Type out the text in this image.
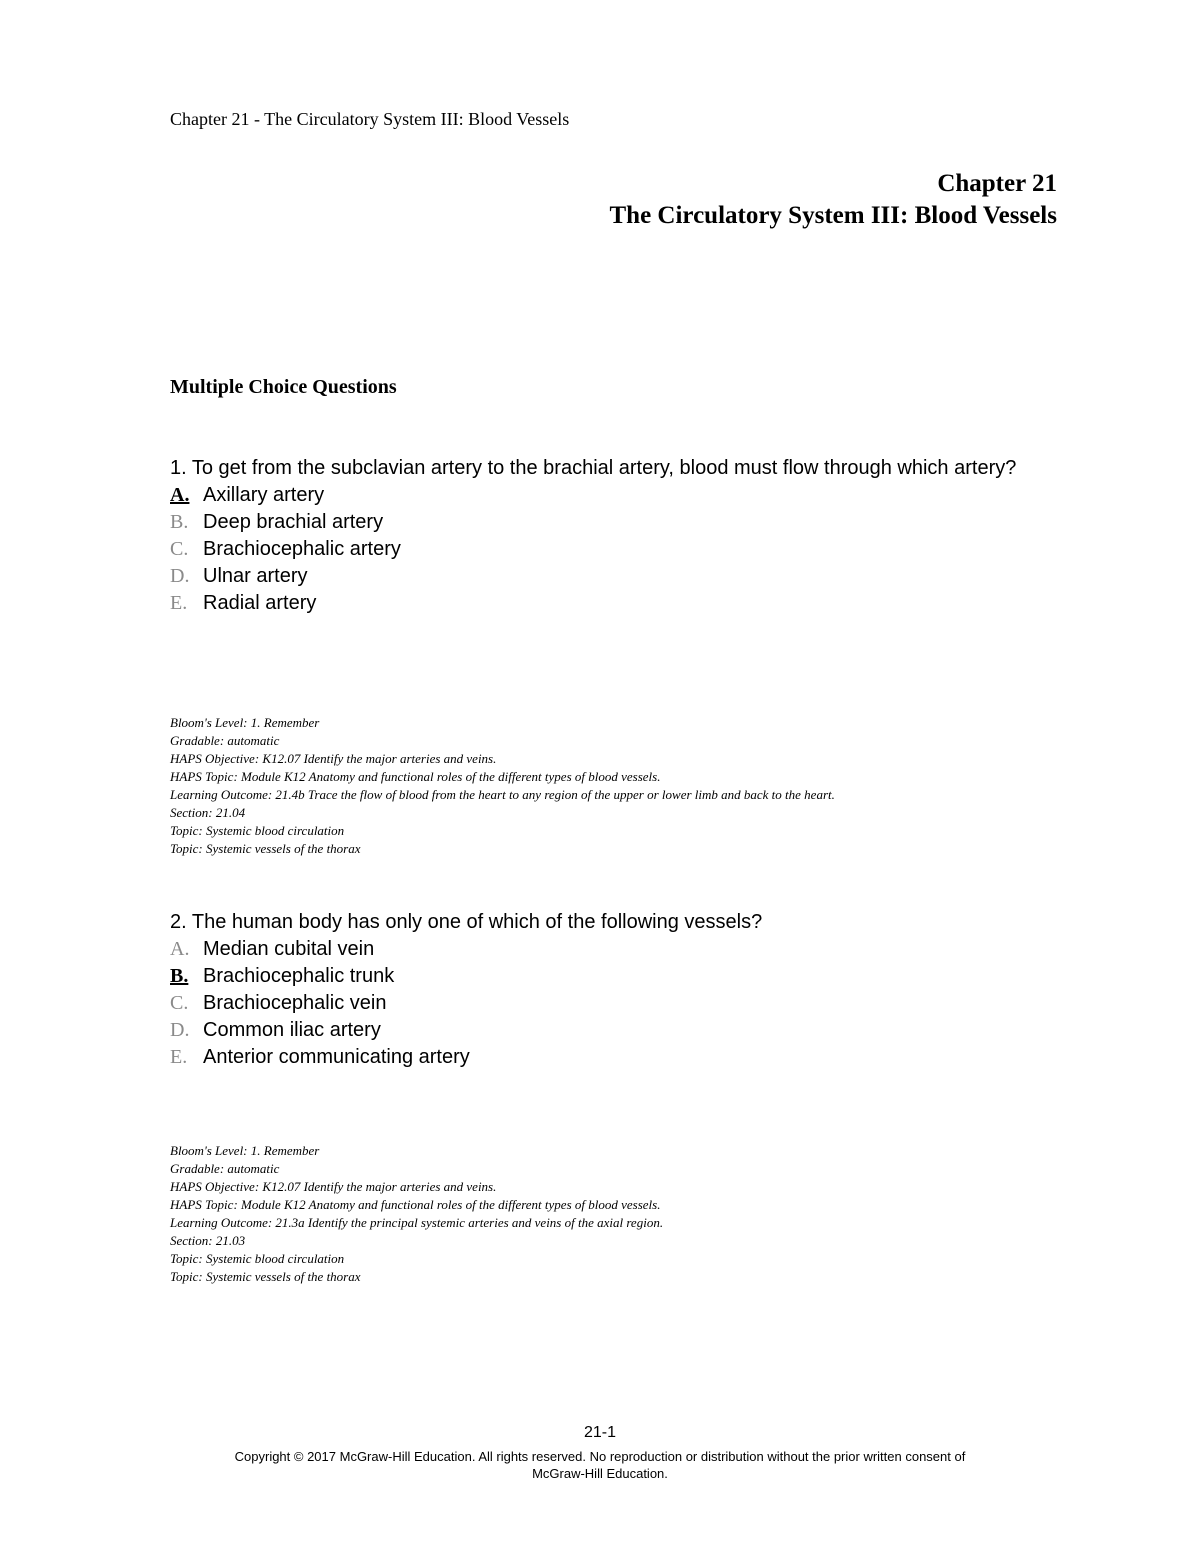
Chapter 21 - The Circulatory System III: Blood Vessels
Chapter 21
The Circulatory System III: Blood Vessels
Multiple Choice Questions

1. To get from the subclavian artery to the brachial artery, blood must flow through which artery?

A. Axillary artery
B. Deep brachial artery
C. Brachiocephalic artery
D. Ulnar artery
E. Radial artery
Bloom's Level: 1. Remember
Gradable: automatic
HAPS Objective: K12.07 Identify the major arteries and veins.
HAPS Topic: Module K12 Anatomy and functional roles of the different types of blood vessels.
Learning Outcome: 21.4b Trace the flow of blood from the heart to any region of the upper or lower limb and back to the heart.
Section: 21.04
Topic: Systemic blood circulation
Topic: Systemic vessels of the thorax

2. The human body has only one of which of the following vessels?

A. Median cubital vein
B. Brachiocephalic trunk
C. Brachiocephalic vein
D. Common iliac artery
E. Anterior communicating artery
Bloom's Level: 1. Remember
Gradable: automatic
HAPS Objective: K12.07 Identify the major arteries and veins.
HAPS Topic: Module K12 Anatomy and functional roles of the different types of blood vessels.
Learning Outcome: 21.3a Identify the principal systemic arteries and veins of the axial region.
Section: 21.03
Topic: Systemic blood circulation
Topic: Systemic vessels of the thorax
21-1
Copyright © 2017 McGraw-Hill Education. All rights reserved. No reproduction or distribution without the prior written consent of
McGraw-Hill Education.
